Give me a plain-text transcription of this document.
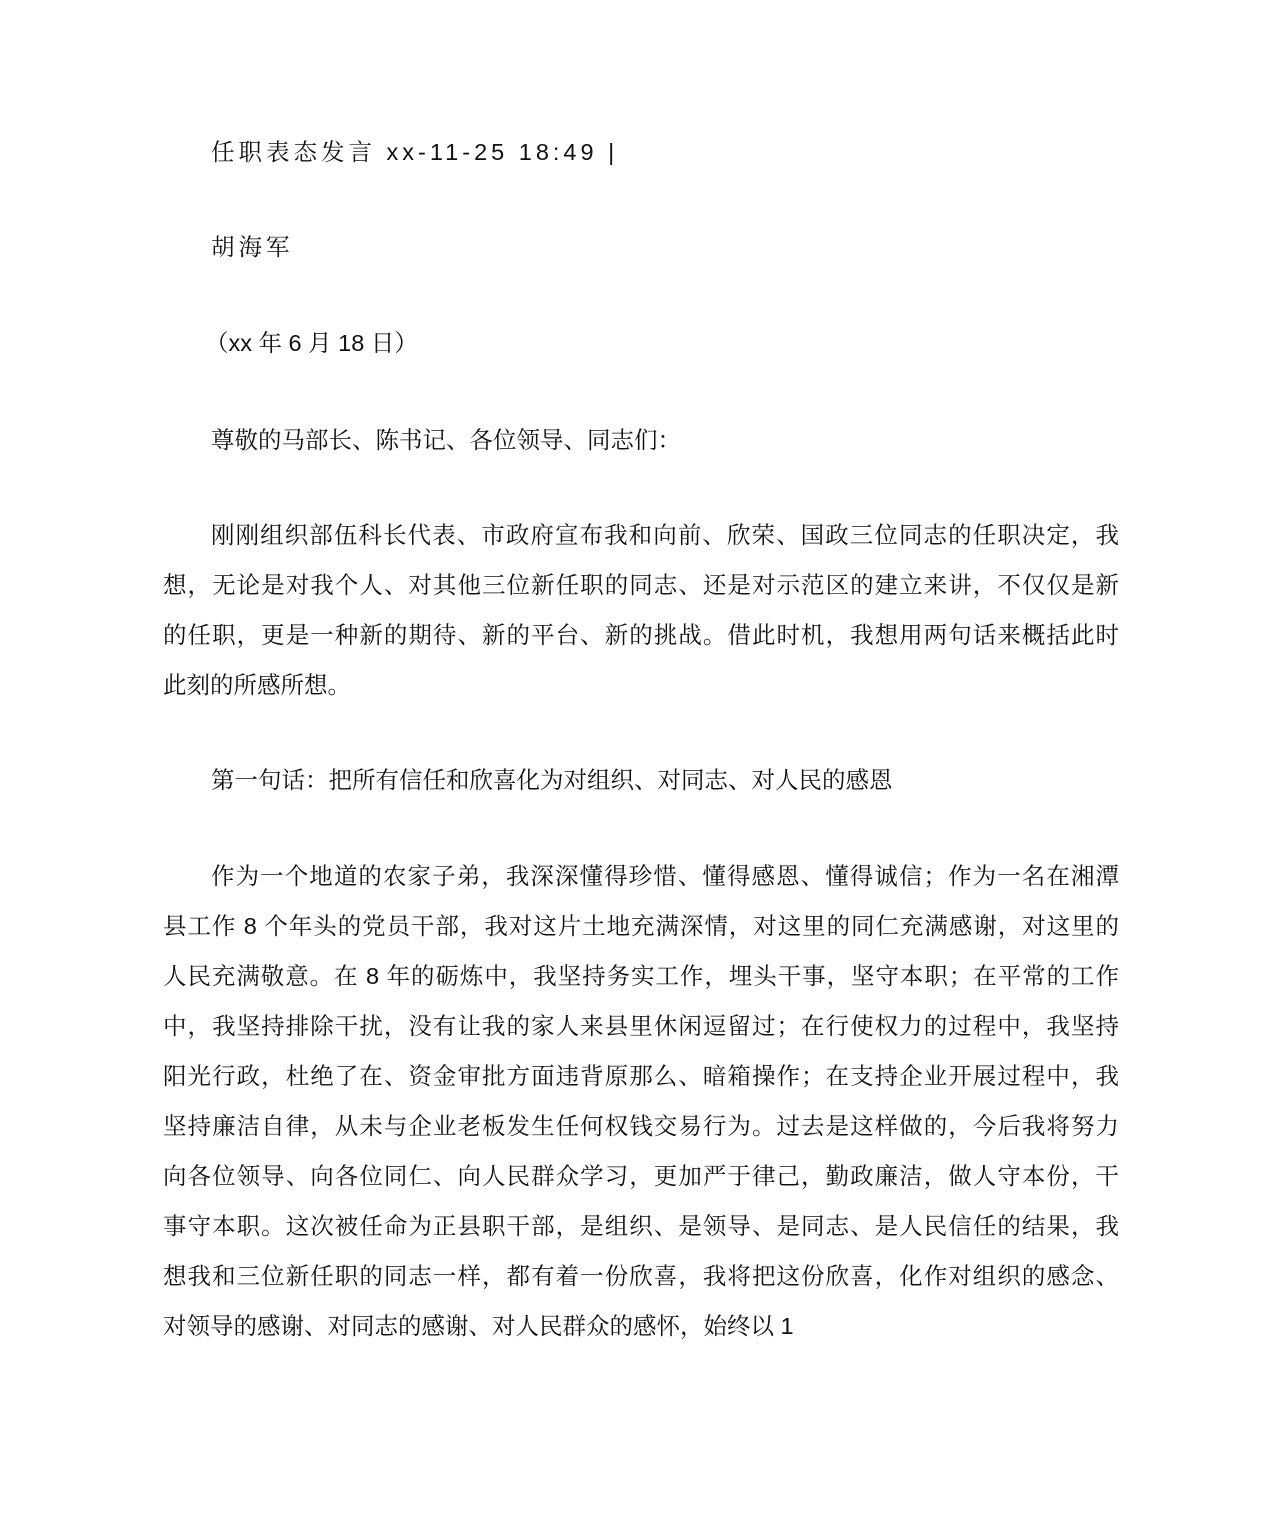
任职表态发言 xx-11-25 18:49 |
胡海军
（xx 年 6 月 18 日）
尊敬的马部长、陈书记、各位领导、同志们：
刚刚组织部伍科长代表、市政府宣布我和向前、欣荣、国政三位同志的任职决定，我
想，无论是对我个人、对其他三位新任职的同志、还是对示范区的建立来讲，不仅仅是新
的任职，更是一种新的期待、新的平台、新的挑战。借此时机，我想用两句话来概括此时
此刻的所感所想。
第一句话：把所有信任和欣喜化为对组织、对同志、对人民的感恩
作为一个地道的农家子弟，我深深懂得珍惜、懂得感恩、懂得诚信；作为一名在湘潭
县工作 8 个年头的党员干部，我对这片土地充满深情，对这里的同仁充满感谢，对这里的
人民充满敬意。在 8 年的砺炼中，我坚持务实工作，埋头干事，坚守本职；在平常的工作
中，我坚持排除干扰，没有让我的家人来县里休闲逗留过；在行使权力的过程中，我坚持
阳光行政，杜绝了在、资金审批方面违背原那么、暗箱操作；在支持企业开展过程中，我
坚持廉洁自律，从未与企业老板发生任何权钱交易行为。过去是这样做的，今后我将努力
向各位领导、向各位同仁、向人民群众学习，更加严于律己，勤政廉洁，做人守本份，干
事守本职。这次被任命为正县职干部，是组织、是领导、是同志、是人民信任的结果，我
想我和三位新任职的同志一样，都有着一份欣喜，我将把这份欣喜，化作对组织的感念、
对领导的感谢、对同志的感谢、对人民群众的感怀，始终以 1
